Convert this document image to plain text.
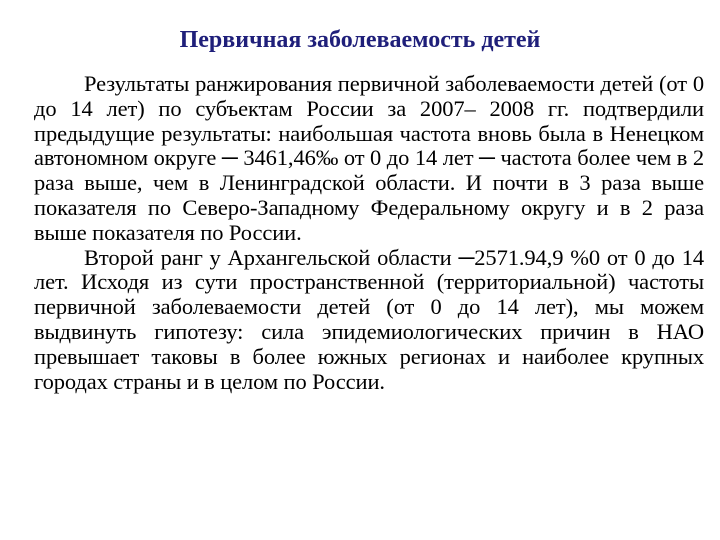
Первичная заболеваемость детей

Результаты ранжирования первичной заболеваемости детей (от 0 до 14 лет) по субъектам России за 2007– 2008 гг. подтвердили предыдущие результаты: наибольшая частота вновь была в Ненецком автономном округе ─ 3461,46‰ от 0 до 14 лет ─ частота более чем в 2 раза выше, чем в Ленинградской области. И почти в 3 раза выше показателя по Северо-Западному Федеральному округу и в 2 раза выше показателя по России.

Второй ранг у Архангельской области ─2571.94,9 %0 от 0 до 14 лет. Исходя из сути пространственной (территориальной) частоты первичной заболеваемости детей (от 0 до 14 лет), мы можем выдвинуть гипотезу: сила эпидемиологических причин в НАО превышает таковы в более южных регионах и наиболее крупных городах страны и в целом по России.
